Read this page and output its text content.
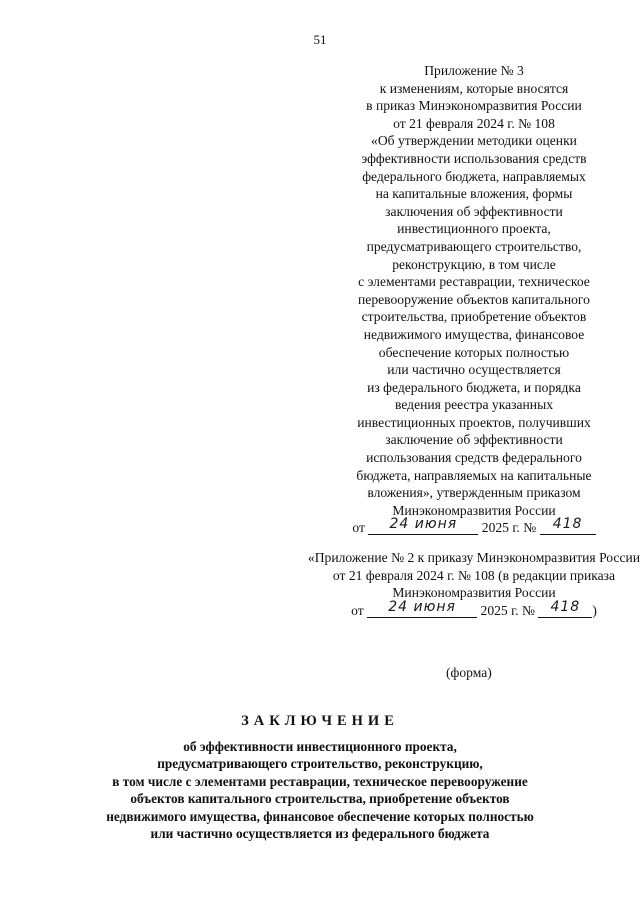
51
Приложение № 3
к изменениям, которые вносятся
в приказ Минэкономразвития России
от 21 февраля 2024 г. № 108
«Об утверждении методики оценки
эффективности использования средств
федерального бюджета, направляемых
на капитальные вложения, формы
заключения об эффективности
инвестиционного проекта,
предусматривающего строительство,
реконструкцию, в том числе
с элементами реставрации, техническое
перевооружение объектов капитального
строительства, приобретение объектов
недвижимого имущества, финансовое
обеспечение которых полностью
или частично осуществляется
из федерального бюджета, и порядка
ведения реестра указанных
инвестиционных проектов, получивших
заключение об эффективности
использования средств федерального
бюджета, направляемых на капитальные
вложения», утвержденным приказом
Минэкономразвития России
от 24 июня 2025 г. № 418
«Приложение № 2 к приказу Минэкономразвития России от 21 февраля 2024 г. № 108 (в редакции приказа Минэкономразвития России
от 24 июня 2025 г. № 418 )
(форма)
ЗАКЛЮЧЕНИЕ
об эффективности инвестиционного проекта,
предусматривающего строительство, реконструкцию,
в том числе с элементами реставрации, техническое перевооружение
объектов капитального строительства, приобретение объектов
недвижимого имущества, финансовое обеспечение которых полностью
или частично осуществляется из федерального бюджета
